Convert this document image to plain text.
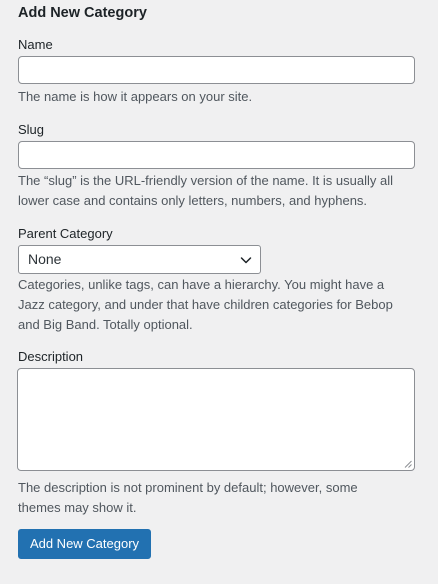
Add New Category
Name

The name is how it appears on your site.

Slug
The “slug” is the URL-friendly version of the name. It is usually all
lower case and contains only letters, numbers, and hyphens.
Parent Category
None
Categories, unlike tags, can have a hierarchy. You might have a
Jazz category, and under that have children categories for Bebop
and Big Band. Totally optional.
Description
The description is not prominent by default; however, some
themes may show it.
Add New Category
